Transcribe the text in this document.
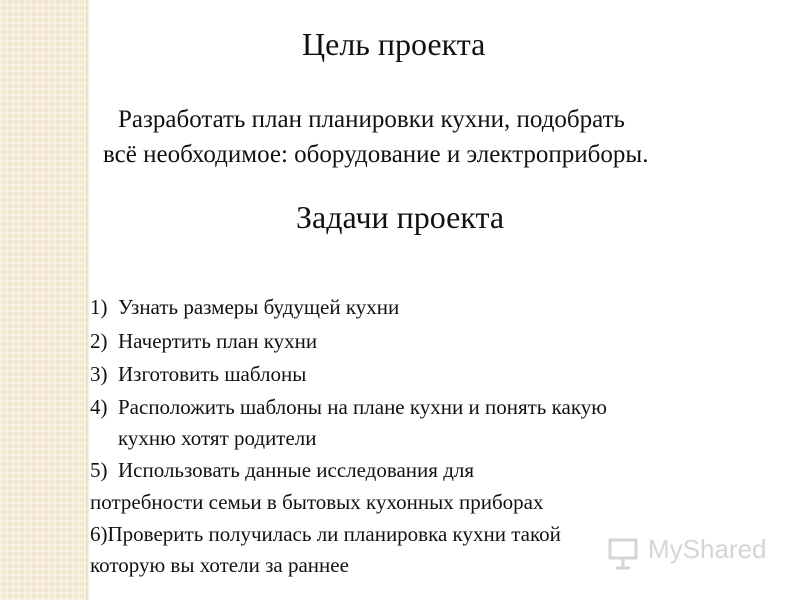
Цель проекта
Разработать план планировки кухни, подобрать
всё необходимое: оборудование и электроприборы.
Задачи проекта
1) Узнать размеры будущей кухни
2) Начертить план кухни
3) Изготовить шаблоны
4) Расположить шаблоны на плане кухни и понять какую
кухню хотят родители
5) Использовать данные исследования для
потребности семьи в бытовых кухонных приборах
6)Проверить получилась ли планировка кухни такой
которую вы хотели за раннее
MyShared
